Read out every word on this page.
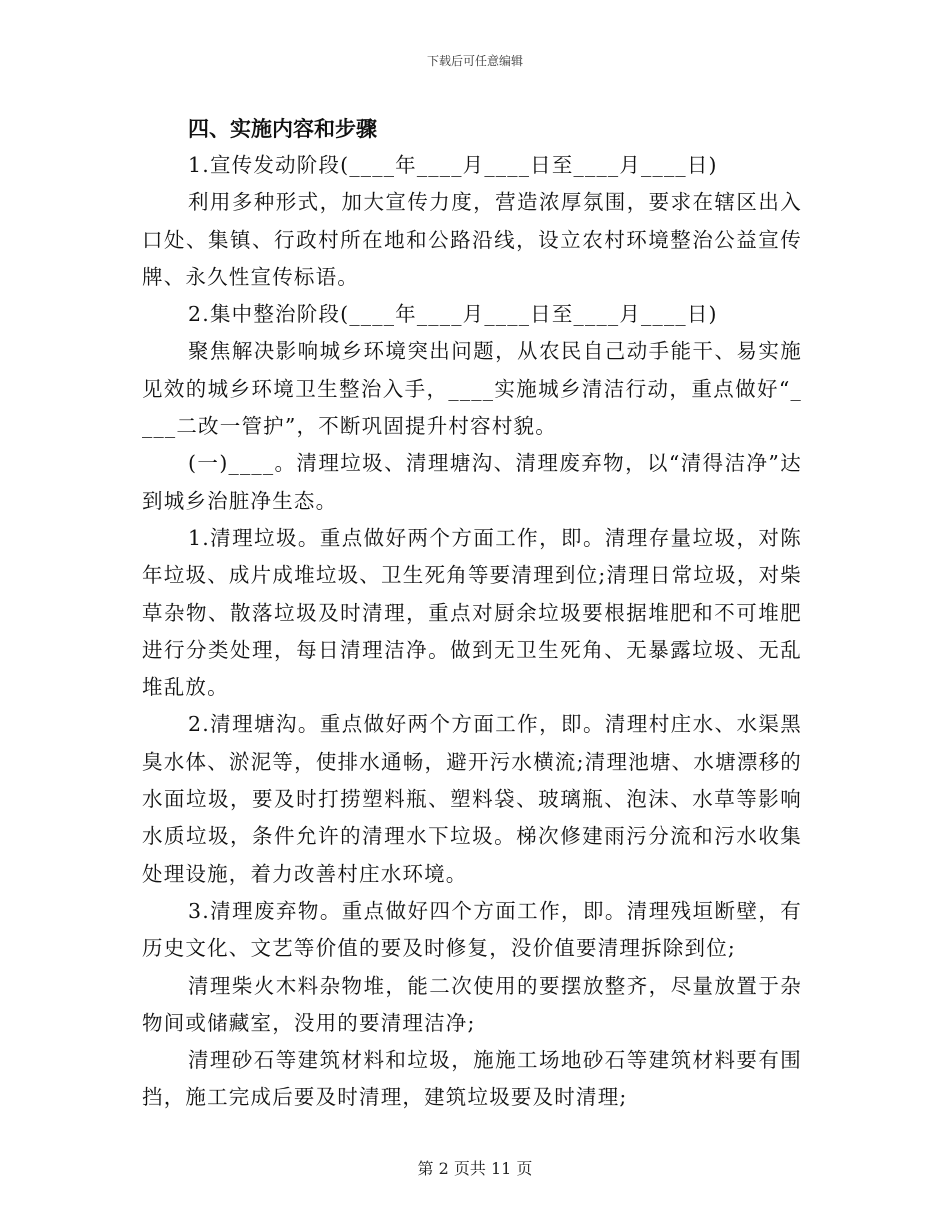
下载后可任意编辑
四、实施内容和步骤

1.宣传发动阶段(____年____月____日至____月____日)

利用多种形式，加大宣传力度，营造浓厚氛围，要求在辖区出入口处、集镇、行政村所在地和公路沿线，设立农村环境整治公益宣传牌、永久性宣传标语。

2.集中整治阶段(____年____月____日至____月____日)

聚焦解决影响城乡环境突出问题，从农民自己动手能干、易实施见效的城乡环境卫生整治入手，____实施城乡清洁行动，重点做好“____二改一管护”，不断巩固提升村容村貌。

(一)____。清理垃圾、清理塘沟、清理废弃物，以“清得洁净”达到城乡治脏净生态。

1.清理垃圾。重点做好两个方面工作，即。清理存量垃圾，对陈年垃圾、成片成堆垃圾、卫生死角等要清理到位;清理日常垃圾，对柴草杂物、散落垃圾及时清理，重点对厨余垃圾要根据堆肥和不可堆肥进行分类处理，每日清理洁净。做到无卫生死角、无暴露垃圾、无乱堆乱放。

2.清理塘沟。重点做好两个方面工作，即。清理村庄水、水渠黑臭水体、淤泥等，使排水通畅，避开污水横流;清理池塘、水塘漂移的水面垃圾，要及时打捞塑料瓶、塑料袋、玻璃瓶、泡沫、水草等影响水质垃圾，条件允许的清理水下垃圾。梯次修建雨污分流和污水收集处理设施，着力改善村庄水环境。

3.清理废弃物。重点做好四个方面工作，即。清理残垣断壁，有历史文化、文艺等价值的要及时修复，没价值要清理拆除到位;

清理柴火木料杂物堆，能二次使用的要摆放整齐，尽量放置于杂物间或储藏室，没用的要清理洁净;

清理砂石等建筑材料和垃圾，施施工场地砂石等建筑材料要有围挡，施工完成后要及时清理，建筑垃圾要及时清理;

第 2 页共 11 页
